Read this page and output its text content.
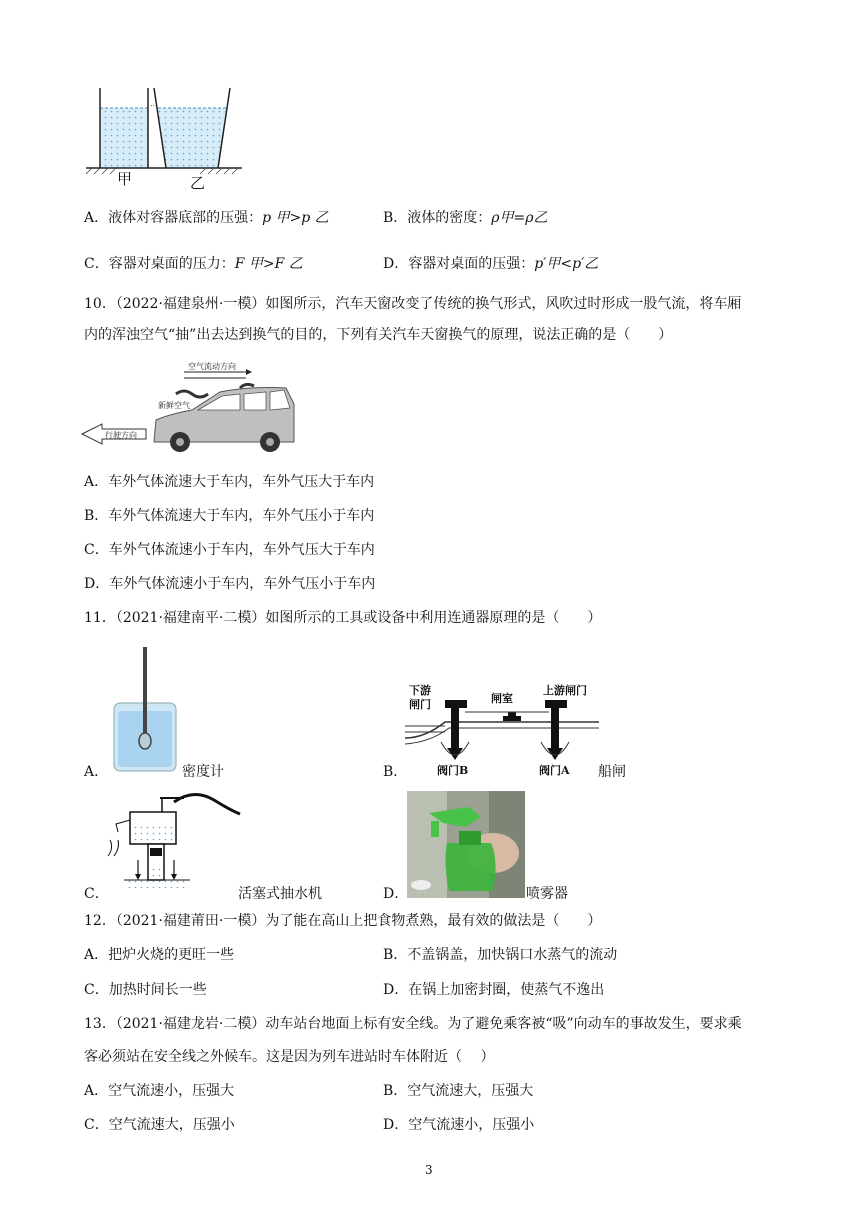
..
甲	乙
A．液体对容器底部的压强：p 甲>p 乙	B．液体的密度：ρ甲=ρ乙
C．容器对桌面的压力：F 甲>F 乙	D．容器对桌面的压强：p′甲<p′乙
10．（2022·福建泉州·一模）如图所示，汽车天窗改变了传统的换气形式，风吹过时形成一股气流，将车厢
内的浑浊空气“抽”出去达到换气的目的，下列有关汽车天窗换气的原理，说法正确的是（　　）
空气流动方向
新鲜空气
行驶方向
A．车外气体流速大于车内，车外气压大于车内
B．车外气体流速大于车内，车外气压小于车内
C．车外气体流速小于车内，车外气压大于车内
D．车外气体流速小于车内，车外气压小于车内
11．（2021·福建南平·二模）如图所示的工具或设备中利用连通器原理的是（　　）
A．	密度计
下游
闸门	闸室
上游闸门
阀门B	阀门A
B．	船闸
C．	活塞式抽水机	D．	喷雾器
12．（2021·福建莆田·一模）为了能在高山上把食物煮熟，最有效的做法是（　　）
A．把炉火烧的更旺一些	B．不盖锅盖，加快锅口水蒸气的流动
C．加热时间长一些	D．在锅上加密封圈，使蒸气不逸出
13．（2021·福建龙岩·二模）动车站台地面上标有安全线。为了避免乘客被“吸”向动车的事故发生，要求乘
客必须站在安全线之外候车。这是因为列车进站时车体附近（　 ）
A．空气流速小，压强大	B．空气流速大，压强大
C．空气流速大，压强小	D．空气流速小，压强小
3
